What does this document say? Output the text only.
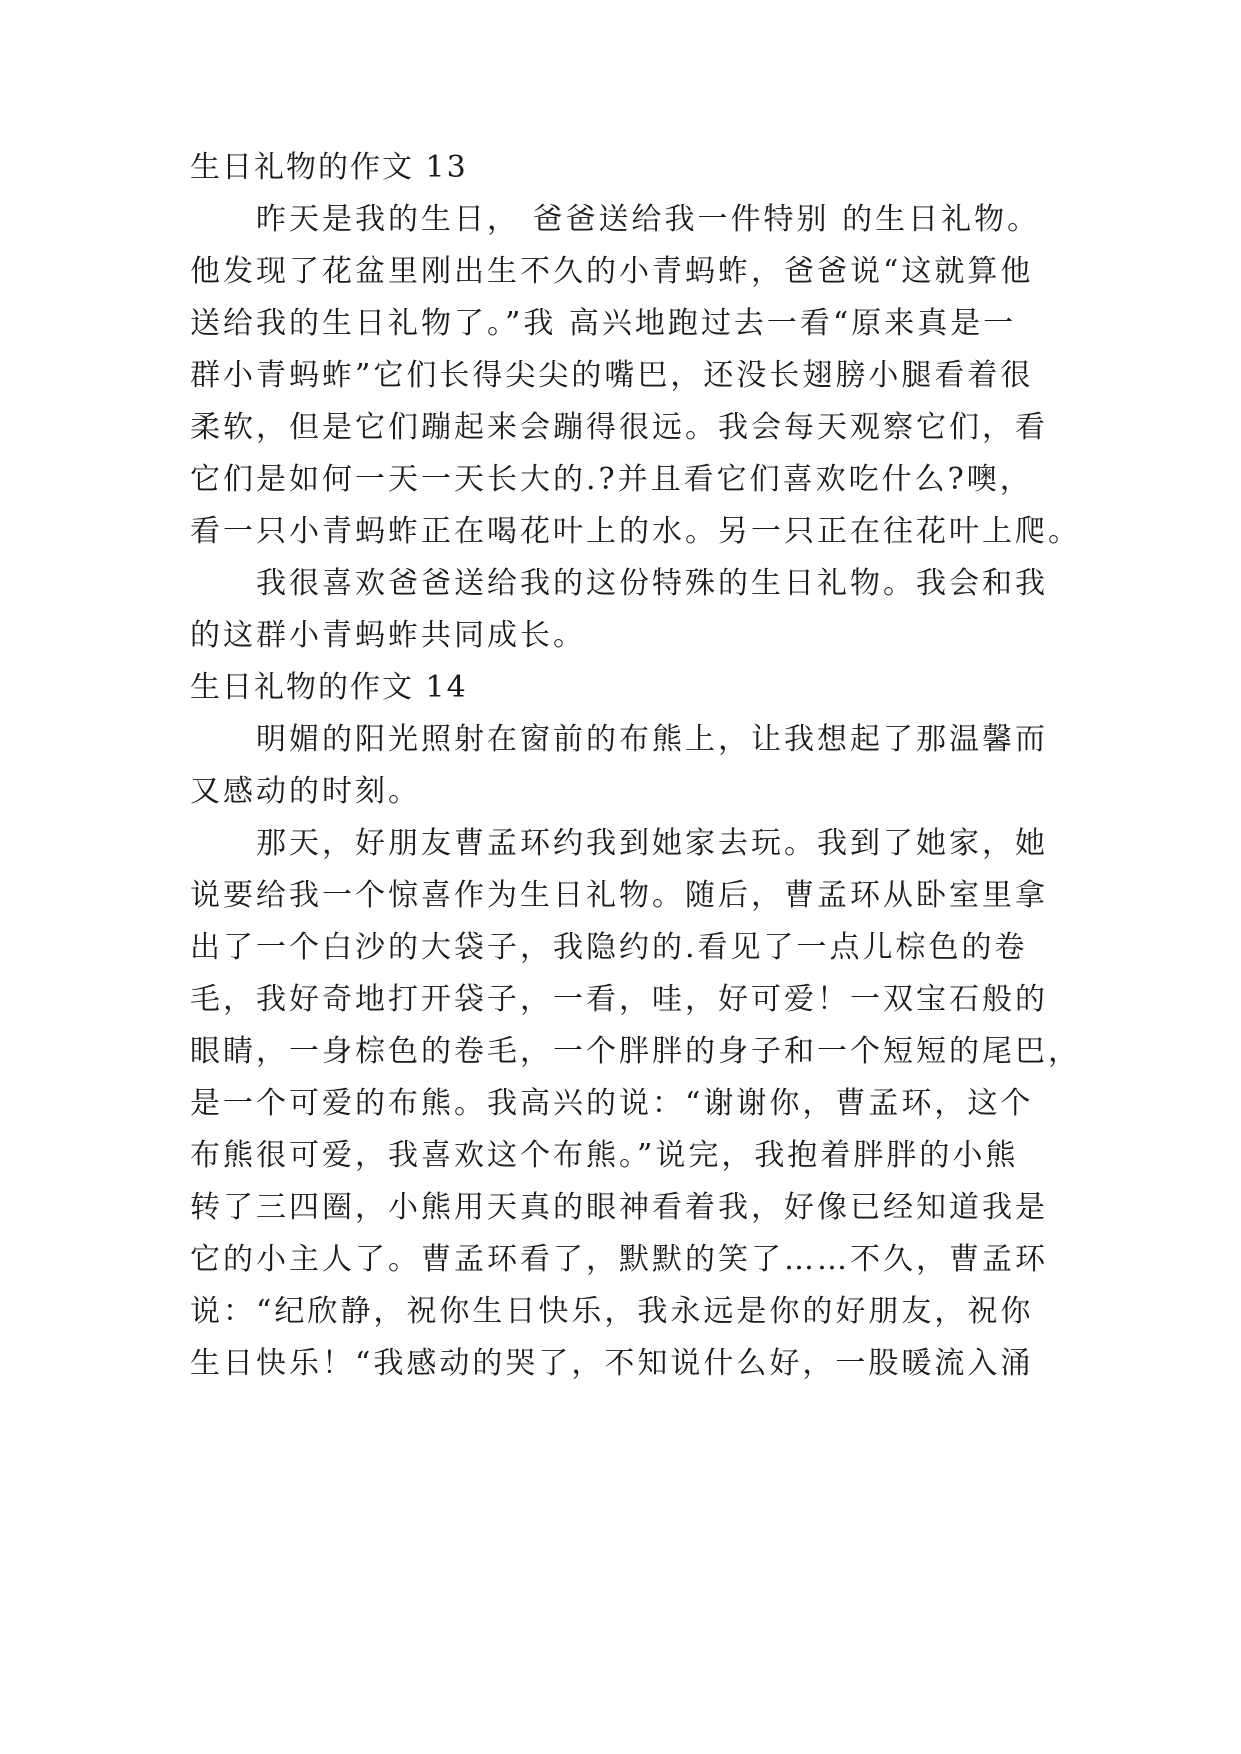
生日礼物的作文 13
昨天是我的生日， 爸爸送给我一件特别 的生日礼物。
他发现了花盆里刚出生不久的小青蚂蚱，爸爸说“这就算他
送给我的生日礼物了。”我 高兴地跑过去一看“原来真是一
群小青蚂蚱”它们长得尖尖的嘴巴，还没长翅膀小腿看着很
柔软，但是它们蹦起来会蹦得很远。我会每天观察它们，看
它们是如何一天一天长大的.?并且看它们喜欢吃什么?噢，
看一只小青蚂蚱正在喝花叶上的水。另一只正在往花叶上爬。
我很喜欢爸爸送给我的这份特殊的生日礼物。我会和我
的这群小青蚂蚱共同成长。
生日礼物的作文 14
明媚的阳光照射在窗前的布熊上，让我想起了那温馨而
又感动的时刻。
那天，好朋友曹孟环约我到她家去玩。我到了她家，她
说要给我一个惊喜作为生日礼物。随后，曹孟环从卧室里拿
出了一个白沙的大袋子，我隐约的.看见了一点儿棕色的卷
毛，我好奇地打开袋子，一看，哇，好可爱！一双宝石般的
眼睛，一身棕色的卷毛，一个胖胖的身子和一个短短的尾巴，
是一个可爱的布熊。我高兴的说：“谢谢你，曹孟环，这个
布熊很可爱，我喜欢这个布熊。”说完，我抱着胖胖的小熊
转了三四圈，小熊用天真的眼神看着我，好像已经知道我是
它的小主人了。曹孟环看了，默默的笑了……不久，曹孟环
说：“纪欣静，祝你生日快乐，我永远是你的好朋友，祝你
生日快乐！“我感动的哭了，不知说什么好，一股暖流入涌
